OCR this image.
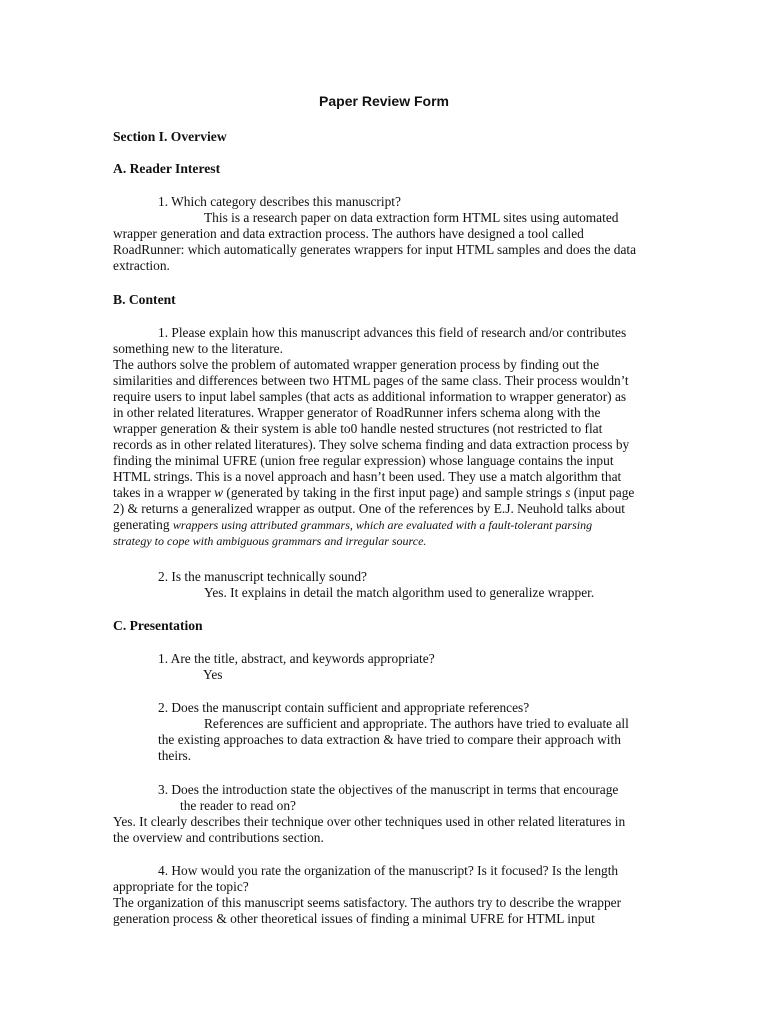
Paper Review Form
Section I. Overview
A. Reader Interest
1. Which category describes this manuscript?
This is a research paper on data extraction form HTML sites using automated
wrapper generation and data extraction process. The authors have designed a tool called
RoadRunner: which automatically generates wrappers for input HTML samples and does the data
extraction.
B. Content
1. Please explain how this manuscript advances this field of research and/or contributes
something new to the literature.
The authors solve the problem of automated wrapper generation process by finding out the
similarities and differences between two HTML pages of the same class. Their process wouldn’t
require users to input label samples (that acts as additional information to wrapper generator) as
in other related literatures. Wrapper generator of RoadRunner infers schema along with the
wrapper generation & their system is able to0 handle nested structures (not restricted to flat
records as in other related literatures). They solve schema finding and data extraction process by
finding the minimal UFRE (union free regular expression) whose language contains the input
HTML strings. This is a novel approach and hasn’t been used. They use a match algorithm that
takes in a wrapper w (generated by taking in the first input page) and sample strings s (input page
2) & returns a generalized wrapper as output. One of the references by E.J. Neuhold talks about
generating wrappers using attributed grammars, which are evaluated with a fault-tolerant parsing
strategy to cope with ambiguous grammars and irregular source.
2. Is the manuscript technically sound?
Yes. It explains in detail the match algorithm used to generalize wrapper.
C. Presentation
1. Are the title, abstract, and keywords appropriate?
Yes
2. Does the manuscript contain sufficient and appropriate references?
References are sufficient and appropriate. The authors have tried to evaluate all
the existing approaches to data extraction & have tried to compare their approach with
theirs.
3. Does the introduction state the objectives of the manuscript in terms that encourage
the reader to read on?
Yes. It clearly describes their technique over other techniques used in other related literatures in
the overview and contributions section.
4. How would you rate the organization of the manuscript? Is it focused? Is the length
appropriate for the topic?
The organization of this manuscript seems satisfactory. The authors try to describe the wrapper
generation process & other theoretical issues of finding a minimal UFRE for HTML input
